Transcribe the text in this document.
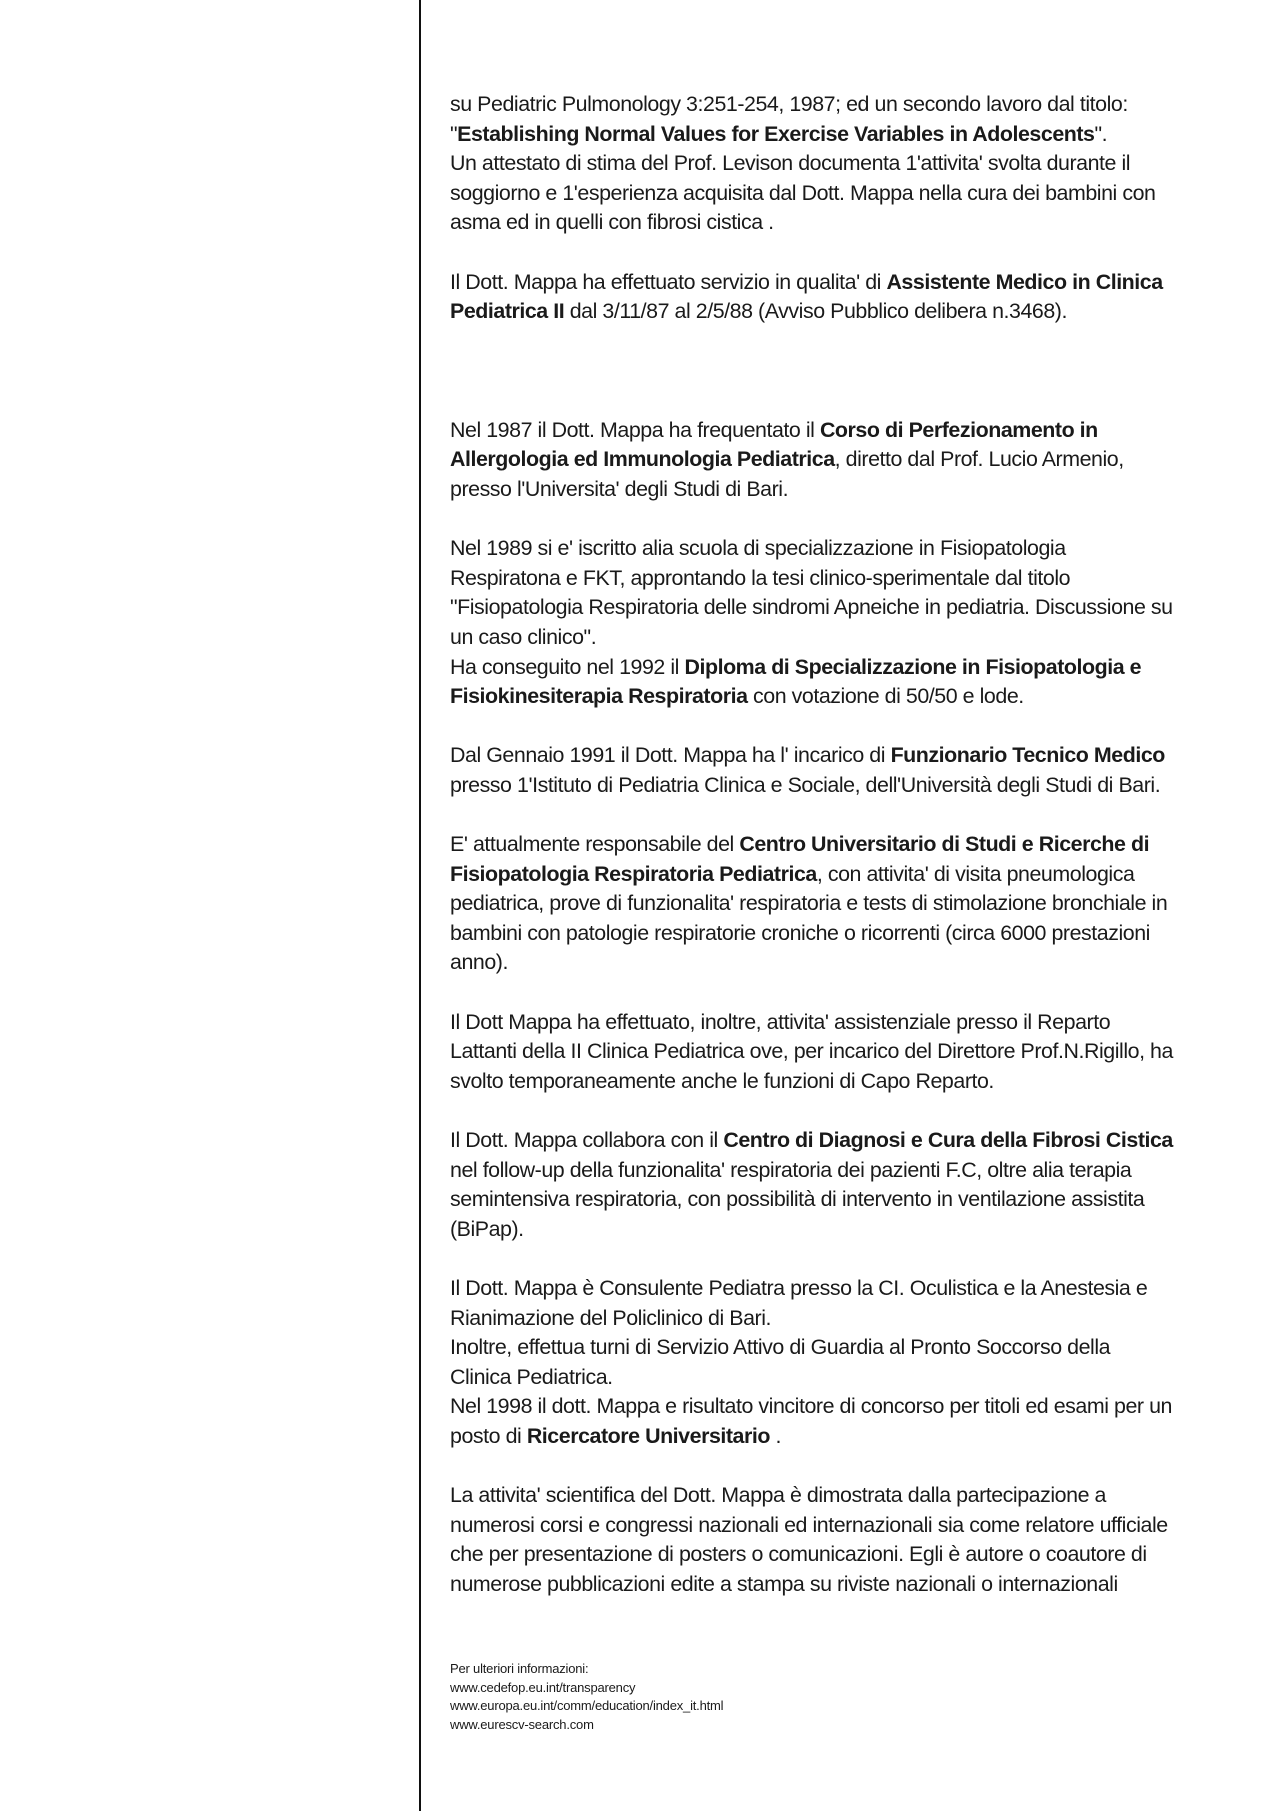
su Pediatric Pulmonology 3:251-254, 1987; ed un secondo lavoro dal titolo:
"Establishing Normal Values for Exercise Variables in Adolescents".
Un attestato di stima del Prof. Levison documenta 1'attivita' svolta durante il
soggiorno e 1'esperienza acquisita dal Dott. Mappa nella cura dei bambini con
asma ed in quelli con fibrosi cistica .
Il Dott. Mappa ha effettuato servizio in qualita' di Assistente Medico in Clinica
Pediatrica II dal 3/11/87 al 2/5/88 (Avviso Pubblico delibera n.3468).
Nel 1987 il Dott. Mappa ha frequentato il Corso di Perfezionamento in
Allergologia ed Immunologia Pediatrica, diretto dal Prof. Lucio Armenio,
presso l'Universita' degli Studi di Bari.
Nel 1989 si e' iscritto alia scuola di specializzazione in Fisiopatologia
Respiratona e FKT, approntando la tesi clinico-sperimentale dal titolo
"Fisiopatologia Respiratoria delle sindromi Apneiche in pediatria. Discussione su
un caso clinico".
Ha conseguito nel 1992 il Diploma di Specializzazione in Fisiopatologia e
Fisiokinesiterapia Respiratoria con votazione di 50/50 e lode.
Dal Gennaio 1991 il Dott. Mappa ha l' incarico di Funzionario Tecnico Medico
presso 1'Istituto di Pediatria Clinica e Sociale, dell'Università degli Studi di Bari.
E' attualmente responsabile del Centro Universitario di Studi e Ricerche di
Fisiopatologia Respiratoria Pediatrica, con attivita' di visita pneumologica
pediatrica, prove di funzionalita' respiratoria e tests di stimolazione bronchiale in
bambini con patologie respiratorie croniche o ricorrenti (circa 6000 prestazioni
anno).
Il Dott Mappa ha effettuato, inoltre, attivita' assistenziale presso il Reparto
Lattanti della II Clinica Pediatrica ove, per incarico del Direttore Prof.N.Rigillo, ha
svolto temporaneamente anche le funzioni di Capo Reparto.
Il Dott. Mappa collabora con il Centro di Diagnosi e Cura della Fibrosi Cistica
nel follow-up della funzionalita' respiratoria dei pazienti F.C, oltre alia terapia
semintensiva respiratoria, con possibilità di intervento in ventilazione assistita
(BiPap).
Il Dott. Mappa è Consulente Pediatra presso la CI. Oculistica e la Anestesia e
Rianimazione del Policlinico di Bari.
Inoltre, effettua turni di Servizio Attivo di Guardia al Pronto Soccorso della
Clinica Pediatrica.
Nel 1998 il dott. Mappa e risultato vincitore di concorso per titoli ed esami per un
posto di Ricercatore Universitario .
La attivita' scientifica del Dott. Mappa è dimostrata dalla partecipazione a
numerosi corsi e congressi nazionali ed internazionali sia come relatore ufficiale
che per presentazione di posters o comunicazioni. Egli è autore o coautore di
numerose pubblicazioni edite a stampa su riviste nazionali o internazionali
Per ulteriori informazioni:
www.cedefop.eu.int/transparency
www.europa.eu.int/comm/education/index_it.html
www.eurescv-search.com
